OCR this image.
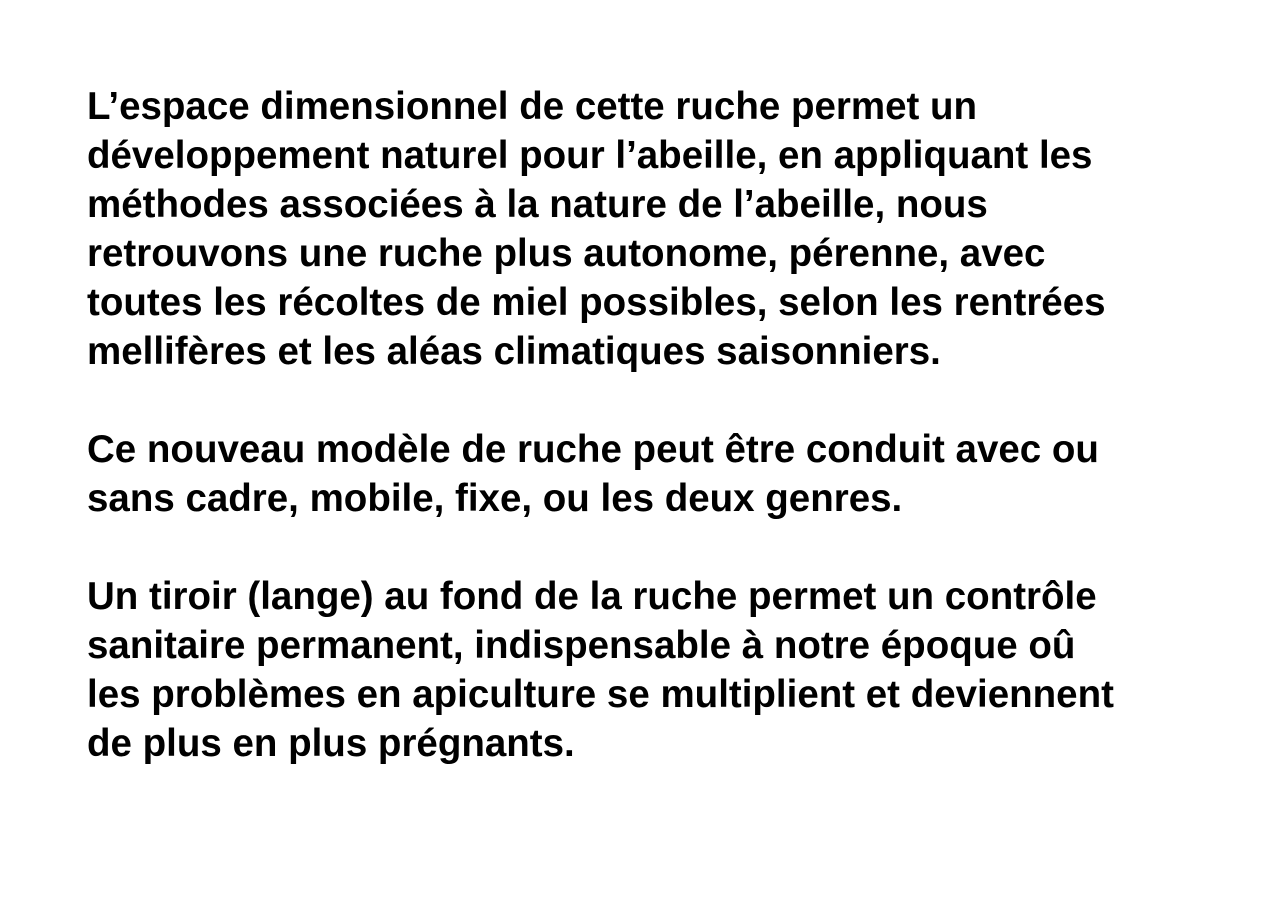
L’espace dimensionnel de cette ruche permet un
développement naturel pour l’abeille, en appliquant les
méthodes associées à la nature de l’abeille, nous
retrouvons une ruche plus autonome, pérenne, avec
toutes les récoltes de miel possibles, selon les rentrées
mellifères et les aléas climatiques saisonniers.

Ce nouveau modèle de ruche peut être conduit avec ou
sans cadre, mobile, fixe, ou les deux genres.

Un tiroir (lange) au fond de la ruche permet un contrôle
sanitaire permanent, indispensable à notre époque oû
les problèmes en apiculture se multiplient et deviennent
de plus en plus prégnants.
